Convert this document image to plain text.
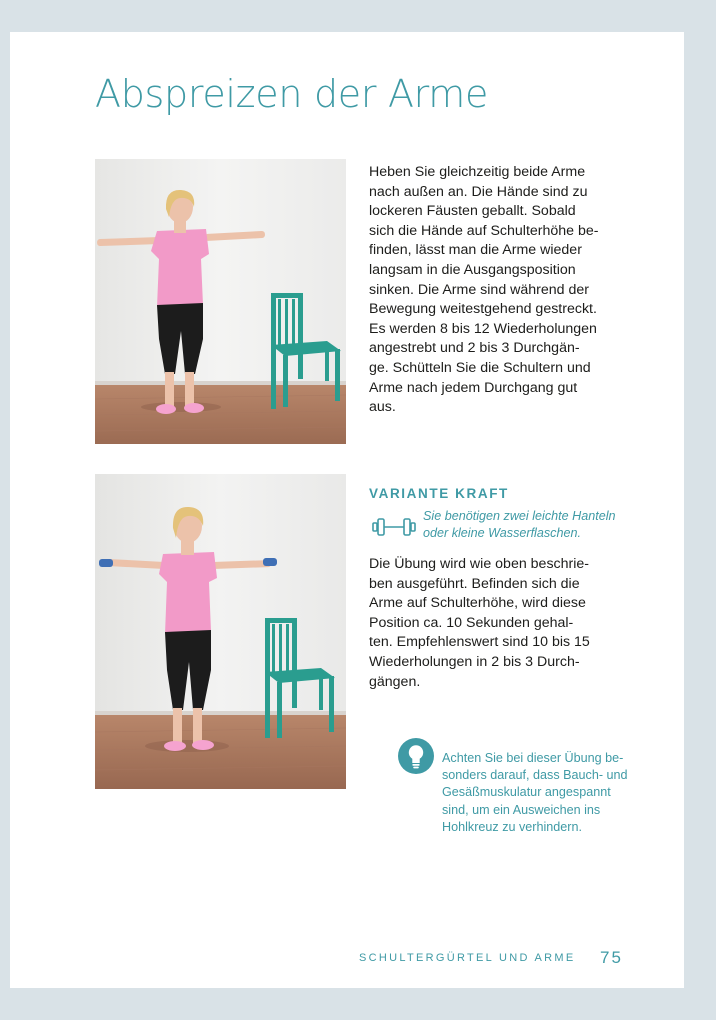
Abspreizen der Arme

Heben Sie gleichzeitig beide Arme
nach außen an. Die Hände sind zu
lockeren Fäusten geballt. Sobald
sich die Hände auf Schulterhöhe be-
finden, lässt man die Arme wieder
langsam in die Ausgangsposition
sinken. Die Arme sind während der
Bewegung weitestgehend gestreckt.
Es werden 8 bis 12 Wiederholungen
angestrebt und 2 bis 3 Durchgän-
ge. Schütteln Sie die Schultern und
Arme nach jedem Durchgang gut
aus.

VARIANTE KRAFT

Sie benötigen zwei leichte Hanteln
oder kleine Wasserflaschen.

Die Übung wird wie oben beschrie-
ben ausgeführt. Befinden sich die
Arme auf Schulterhöhe, wird diese
Position ca. 10 Sekunden gehal-
ten. Empfehlenswert sind 10 bis 15
Wiederholungen in 2 bis 3 Durch-
gängen.

Achten Sie bei dieser Übung be-
sonders darauf, dass Bauch- und
Gesäßmuskulatur angespannt
sind, um ein Ausweichen ins
Hohlkreuz zu verhindern.

SCHULTERGÜRTEL UND ARME 75
